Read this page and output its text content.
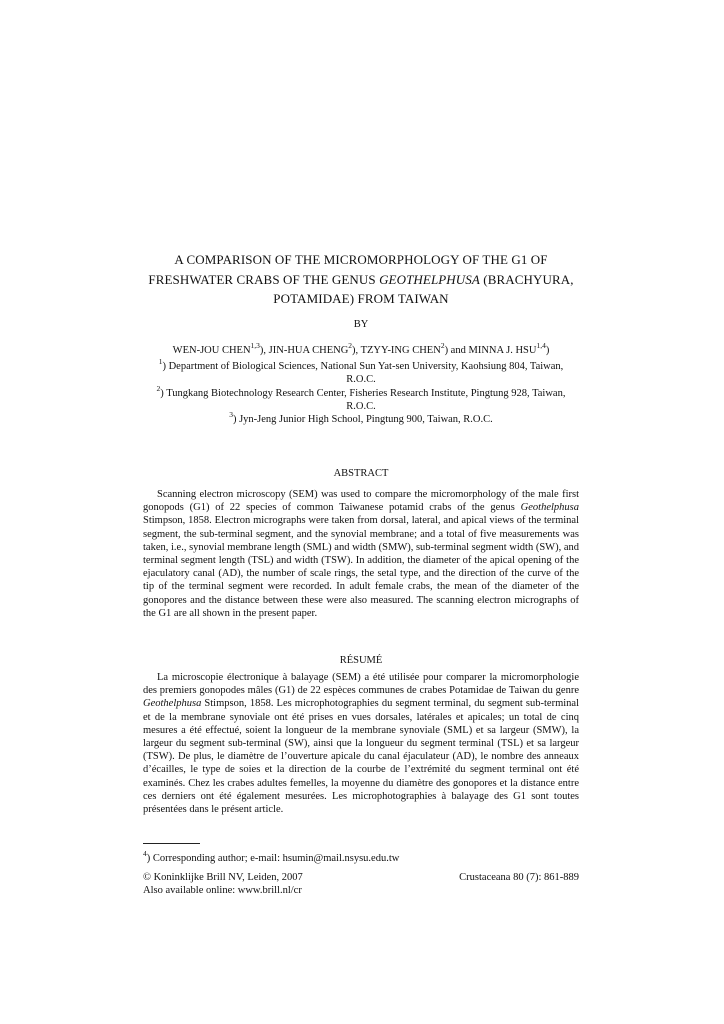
A COMPARISON OF THE MICROMORPHOLOGY OF THE G1 OF
FRESHWATER CRABS OF THE GENUS GEOTHELPHUSA (BRACHYURA,
POTAMIDAE) FROM TAIWAN
BY
WEN-JOU CHEN$^{1,3}$), JIN-HUA CHENG$^2$), TZYY-ING CHEN$^2$) and MINNA J. HSU$^{1,4}$)
$^1$) Department of Biological Sciences, National Sun Yat-sen University, Kaohsiung 804, Taiwan, R.O.C.
$^2$) Tungkang Biotechnology Research Center, Fisheries Research Institute, Pingtung 928, Taiwan, R.O.C.
$^3$) Jyn-Jeng Junior High School, Pingtung 900, Taiwan, R.O.C.
ABSTRACT
Scanning electron microscopy (SEM) was used to compare the micromorphology of the male first gonopods (G1) of 22 species of common Taiwanese potamid crabs of the genus Geothelphusa Stimpson, 1858. Electron micrographs were taken from dorsal, lateral, and apical views of the terminal segment, the sub-terminal segment, and the synovial membrane; and a total of five measurements was taken, i.e., synovial membrane length (SML) and width (SMW), sub-terminal segment width (SW), and terminal segment length (TSL) and width (TSW). In addition, the diameter of the apical opening of the ejaculatory canal (AD), the number of scale rings, the setal type, and the direction of the curve of the tip of the terminal segment were recorded. In adult female crabs, the mean of the diameter of the gonopores and the distance between these were also measured. The scanning electron micrographs of the G1 are all shown in the present paper.
RÉSUMÉ
La microscopie électronique à balayage (SEM) a été utilisée pour comparer la micromorphologie des premiers gonopodes mâles (G1) de 22 espèces communes de crabes Potamidae de Taiwan du genre Geothelphusa Stimpson, 1858. Les microphotographies du segment terminal, du segment sub-terminal et de la membrane synoviale ont été prises en vues dorsales, latérales et apicales; un total de cinq mesures a été effectué, soient la longueur de la membrane synoviale (SML) et sa largeur (SMW), la largeur du segment sub-terminal (SW), ainsi que la longueur du segment terminal (TSL) et sa largeur (TSW). De plus, le diamètre de l’ouverture apicale du canal éjaculateur (AD), le nombre des anneaux d’écailles, le type de soies et la direction de la courbe de l’extrémité du segment terminal ont été examinés. Chez les crabes adultes femelles, la moyenne du diamètre des gonopores et la distance entre ces derniers ont été également mesurées. Les microphotographies à balayage des G1 sont toutes présentées dans le présent article.
$^4$) Corresponding author; e-mail: hsumin@mail.nsysu.edu.tw
© Koninklijke Brill NV, Leiden, 2007	Crustaceana 80 (7): 861-889
Also available online: www.brill.nl/cr
